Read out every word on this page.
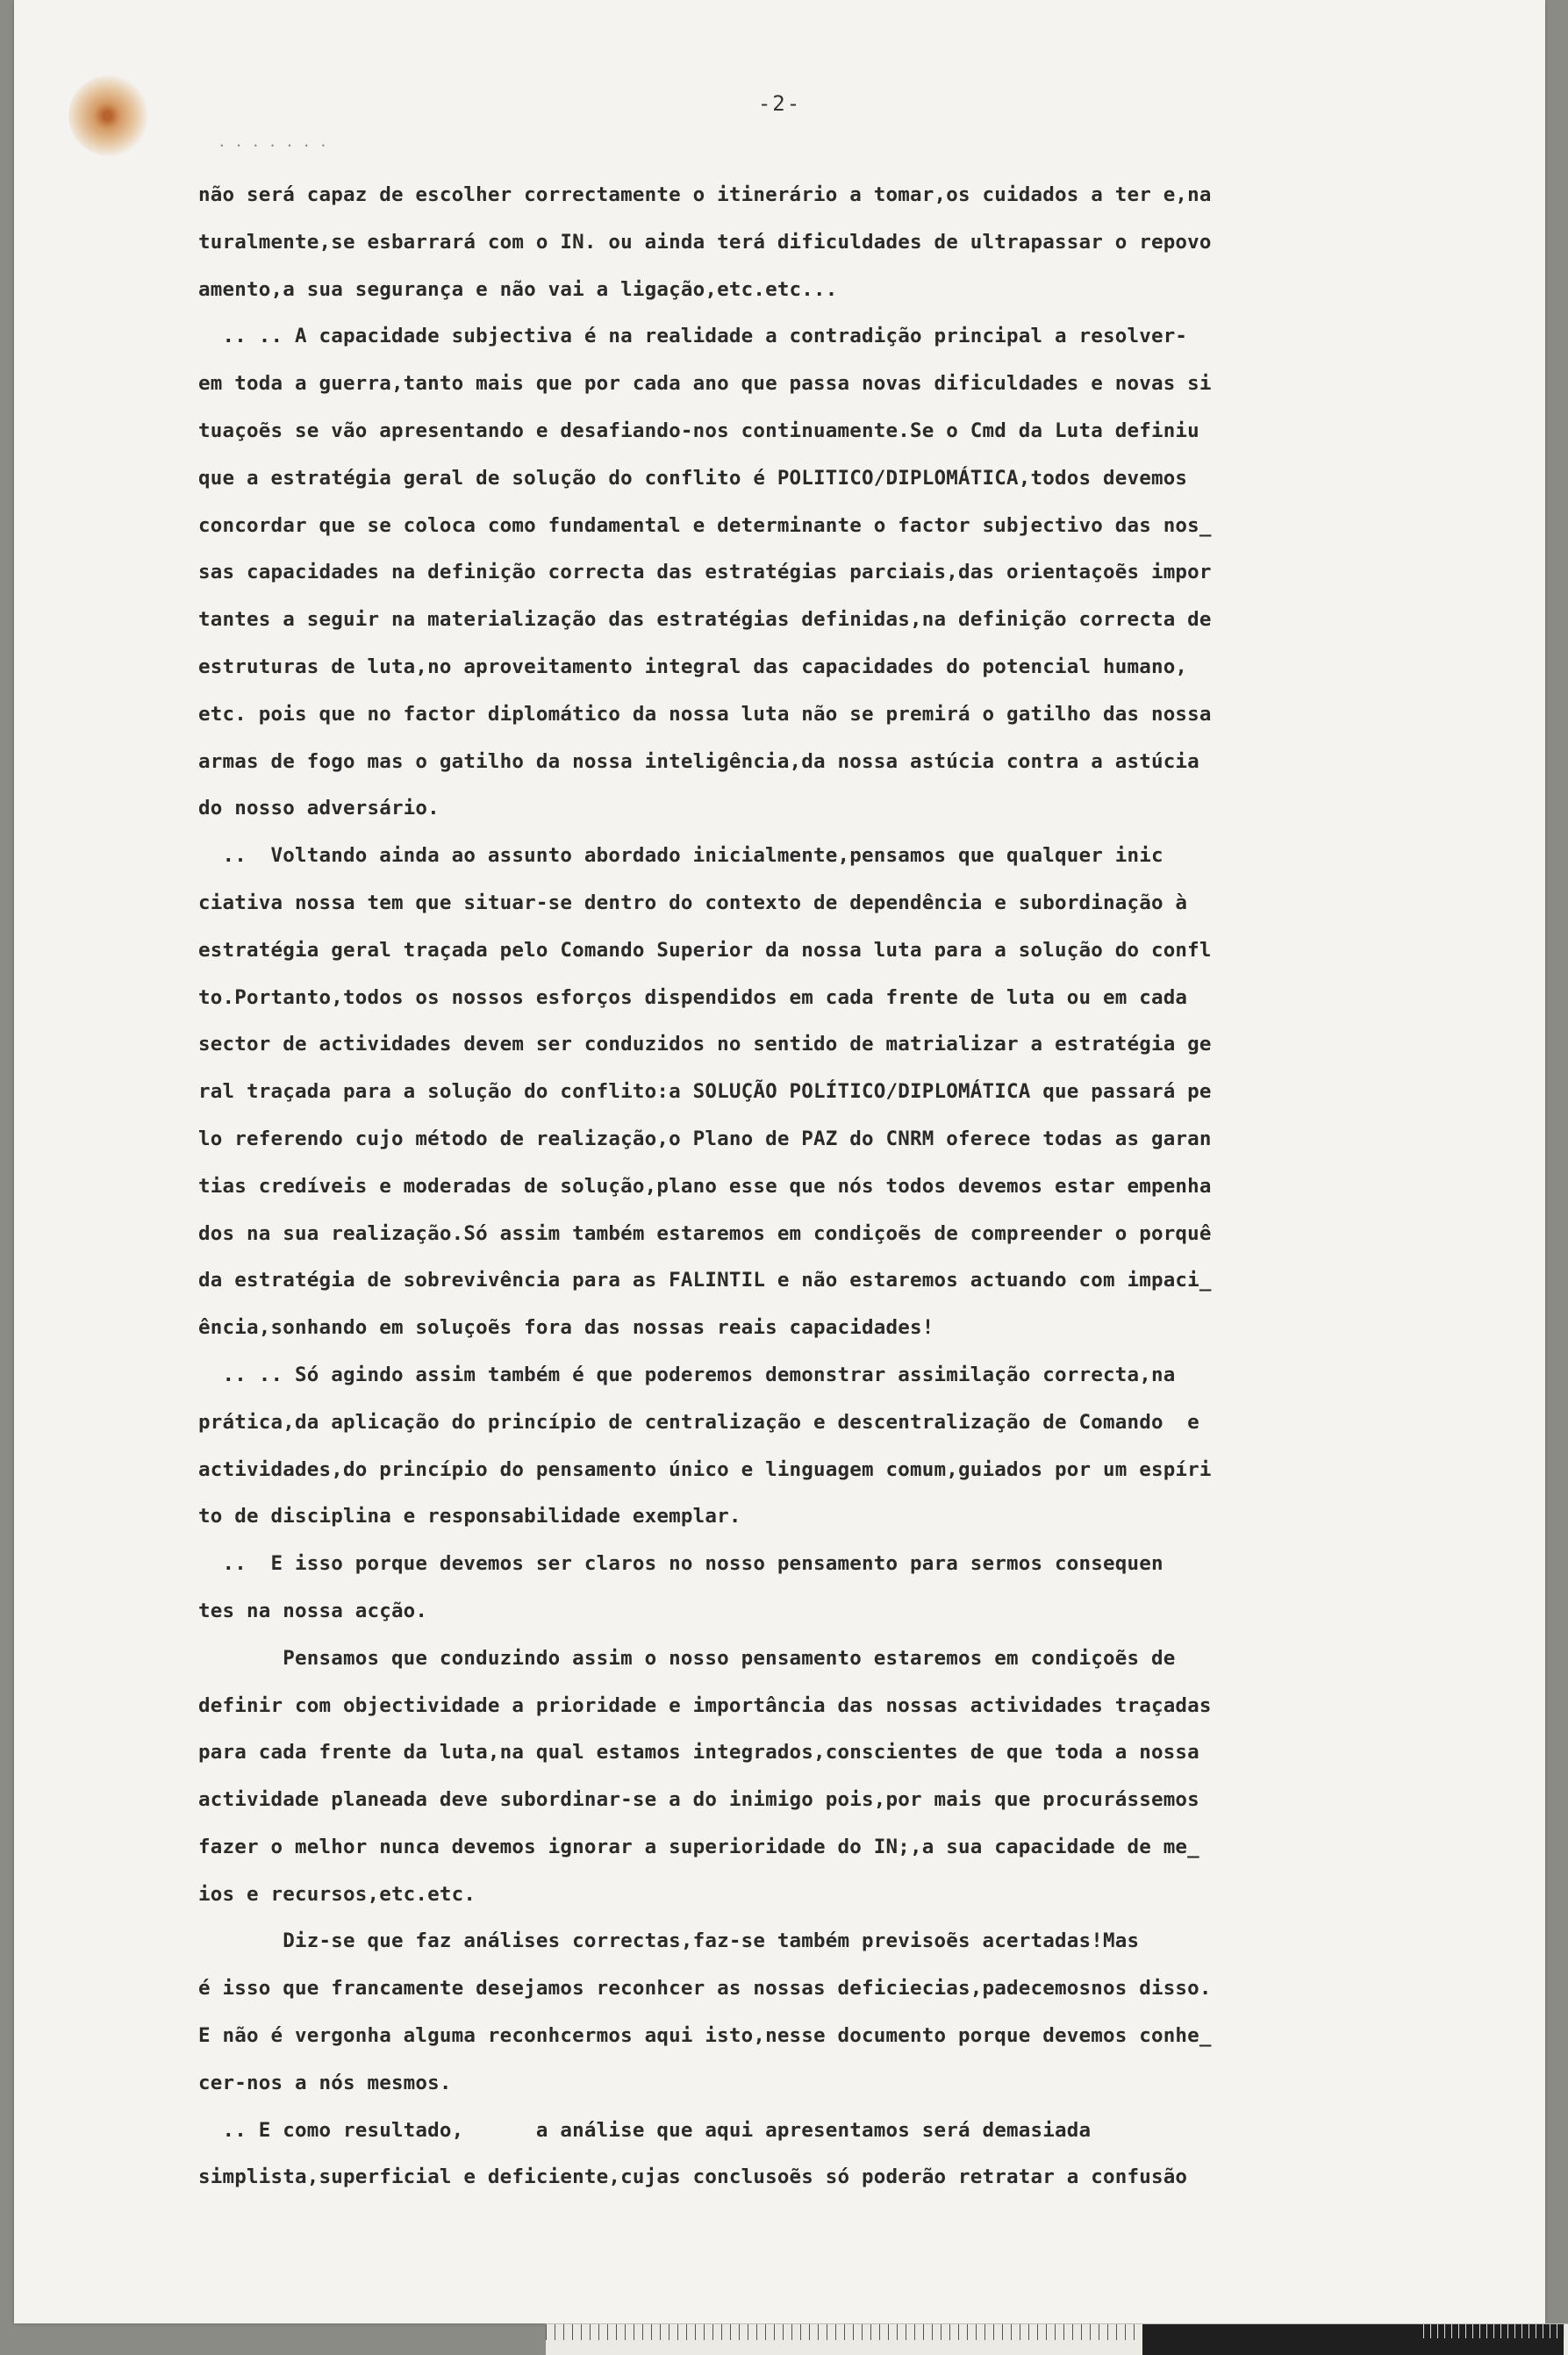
-2-
. . . . . . .
não será capaz de escolher correctamente o itinerário a tomar,os cuidados a ter e,na
turalmente,se esbarrará com o IN. ou ainda terá dificuldades de ultrapassar o repovo
amento,a sua segurança e não vai a ligação,etc.etc...
.. .. A capacidade subjectiva é na realidade a contradição principal a resolver-
em toda a guerra,tanto mais que por cada ano que passa novas dificuldades e novas si
tuaçoẽs se vão apresentando e desafiando-nos continuamente.Se o Cmd da Luta definiu
que a estratégia geral de solução do conflito é POLITICO/DIPLOMÁTICA,todos devemos
concordar que se coloca como fundamental e determinante o factor subjectivo das nos_
sas capacidades na definição correcta das estratégias parciais,das orientaçoẽs impor
tantes a seguir na materialização das estratégias definidas,na definição correcta de
estruturas de luta,no aproveitamento integral das capacidades do potencial humano,
etc. pois que no factor diplomático da nossa luta não se premirá o gatilho das nossa
armas de fogo mas o gatilho da nossa inteligência,da nossa astúcia contra a astúcia
do nosso adversário.
..  Voltando ainda ao assunto abordado inicialmente,pensamos que qualquer inic
ciativa nossa tem que situar-se dentro do contexto de dependência e subordinação à
estratégia geral traçada pelo Comando Superior da nossa luta para a solução do confl
to.Portanto,todos os nossos esforços dispendidos em cada frente de luta ou em cada
sector de actividades devem ser conduzidos no sentido de matrializar a estratégia ge
ral traçada para a solução do conflito:a SOLUÇÃO POLÍTICO/DIPLOMÁTICA que passará pe
lo referendo cujo método de realização,o Plano de PAZ do CNRM oferece todas as garan
tias credíveis e moderadas de solução,plano esse que nós todos devemos estar empenha
dos na sua realização.Só assim também estaremos em condiçoẽs de compreender o porquê
da estratégia de sobrevivência para as FALINTIL e não estaremos actuando com impaci_
ência,sonhando em soluçoẽs fora das nossas reais capacidades!
.. .. Só agindo assim também é que poderemos demonstrar assimilação correcta,na
prática,da aplicação do princípio de centralização e descentralização de Comando  e
actividades,do princípio do pensamento único e linguagem comum,guiados por um espíri
to de disciplina e responsabilidade exemplar.
..  E isso porque devemos ser claros no nosso pensamento para sermos consequen
tes na nossa acção.
Pensamos que conduzindo assim o nosso pensamento estaremos em condiçoẽs de
definir com objectividade a prioridade e importância das nossas actividades traçadas
para cada frente da luta,na qual estamos integrados,conscientes de que toda a nossa
actividade planeada deve subordinar-se a do inimigo pois,por mais que procurássemos
fazer o melhor nunca devemos ignorar a superioridade do IN;,a sua capacidade de me_
ios e recursos,etc.etc.
Diz-se que faz análises correctas,faz-se também previsoẽs acertadas!Mas
é isso que francamente desejamos reconhcer as nossas deficiecias,padecemosnos disso.
E não é vergonha alguma reconhcermos aqui isto,nesse documento porque devemos conhe_
cer-nos a nós mesmos.
.. E como resultado,      a análise que aqui apresentamos será demasiada
simplista,superficial e deficiente,cujas conclusoẽs só poderão retratar a confusão
